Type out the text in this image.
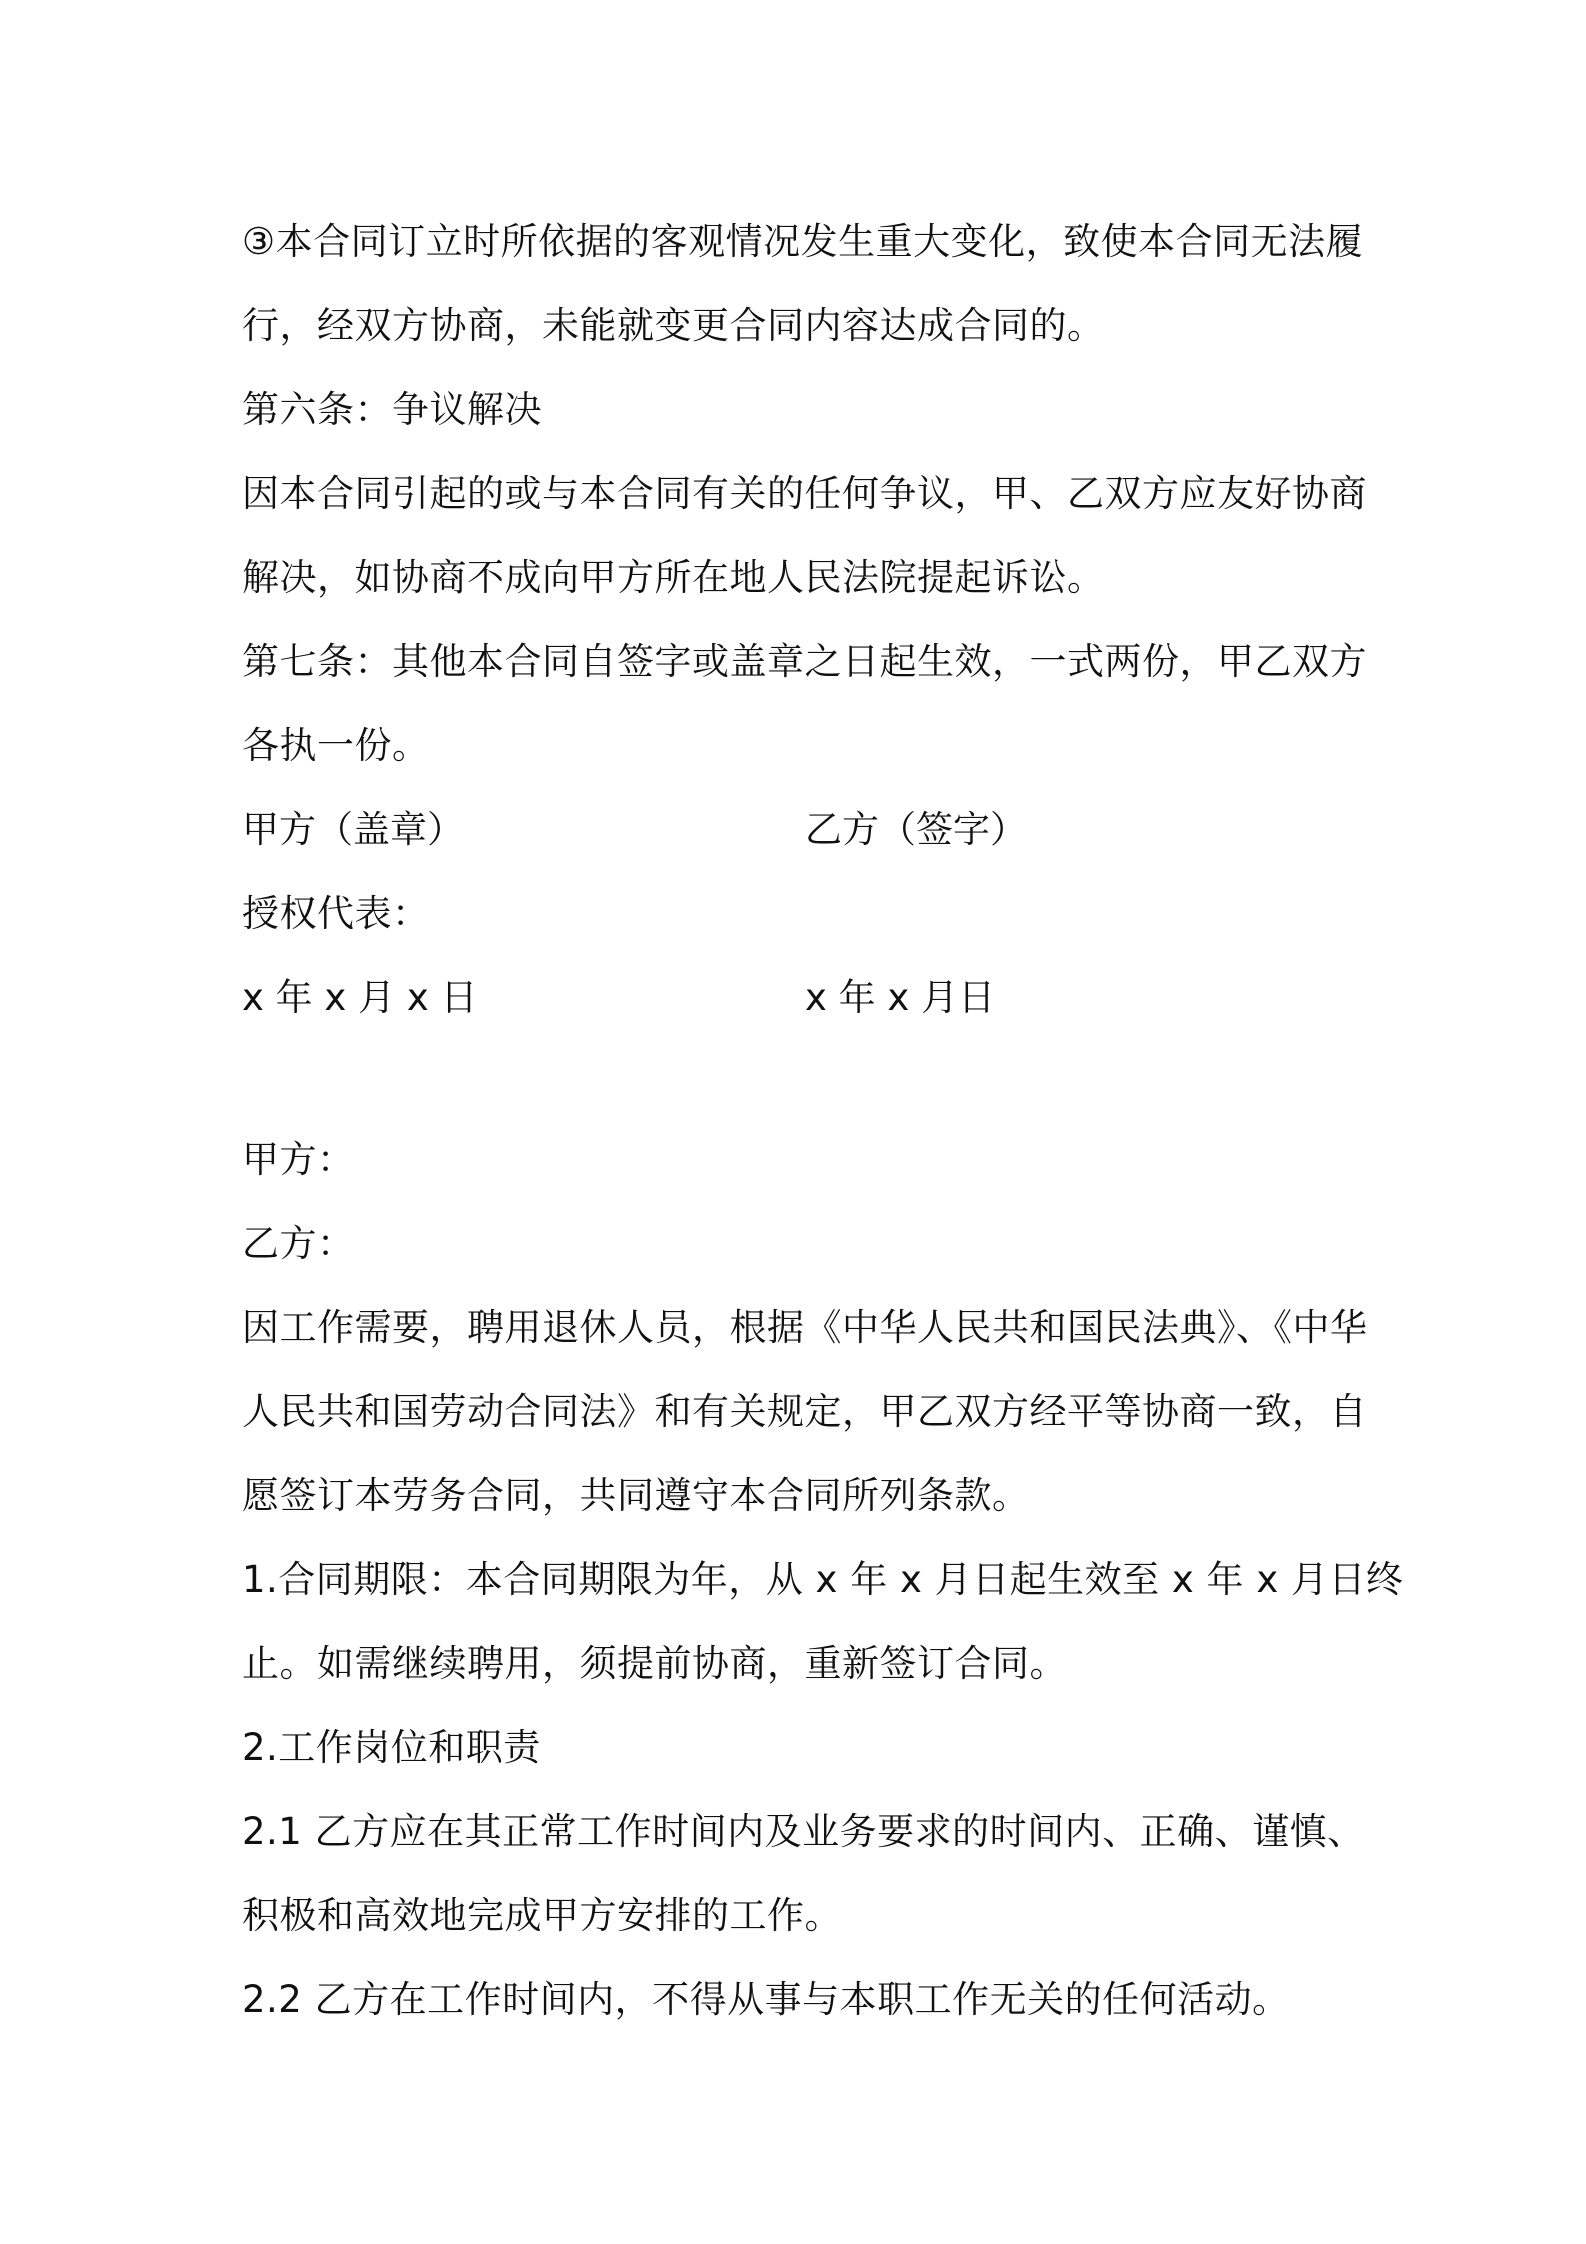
③本合同订立时所依据的客观情况发生重大变化，致使本合同无法履
行，经双方协商，未能就变更合同内容达成合同的。
第六条：争议解决
因本合同引起的或与本合同有关的任何争议，甲、乙双方应友好协商
解决，如协商不成向甲方所在地人民法院提起诉讼。
第七条：其他本合同自签字或盖章之日起生效，一式两份，甲乙双方
各执一份。
甲方（盖章）	乙方（签字）
授权代表：
x 年 x 月 x 日	x 年 x 月日
甲方：
乙方：
因工作需要，聘用退休人员，根据《中华人民共和国民法典》、《中华
人民共和国劳动合同法》和有关规定，甲乙双方经平等协商一致，自
愿签订本劳务合同，共同遵守本合同所列条款。
1.合同期限：本合同期限为年，从 x 年 x 月日起生效至 x 年 x 月日终
止。如需继续聘用，须提前协商，重新签订合同。
2.工作岗位和职责
2.1 乙方应在其正常工作时间内及业务要求的时间内、正确、谨慎、
积极和高效地完成甲方安排的工作。
2.2 乙方在工作时间内，不得从事与本职工作无关的任何活动。
